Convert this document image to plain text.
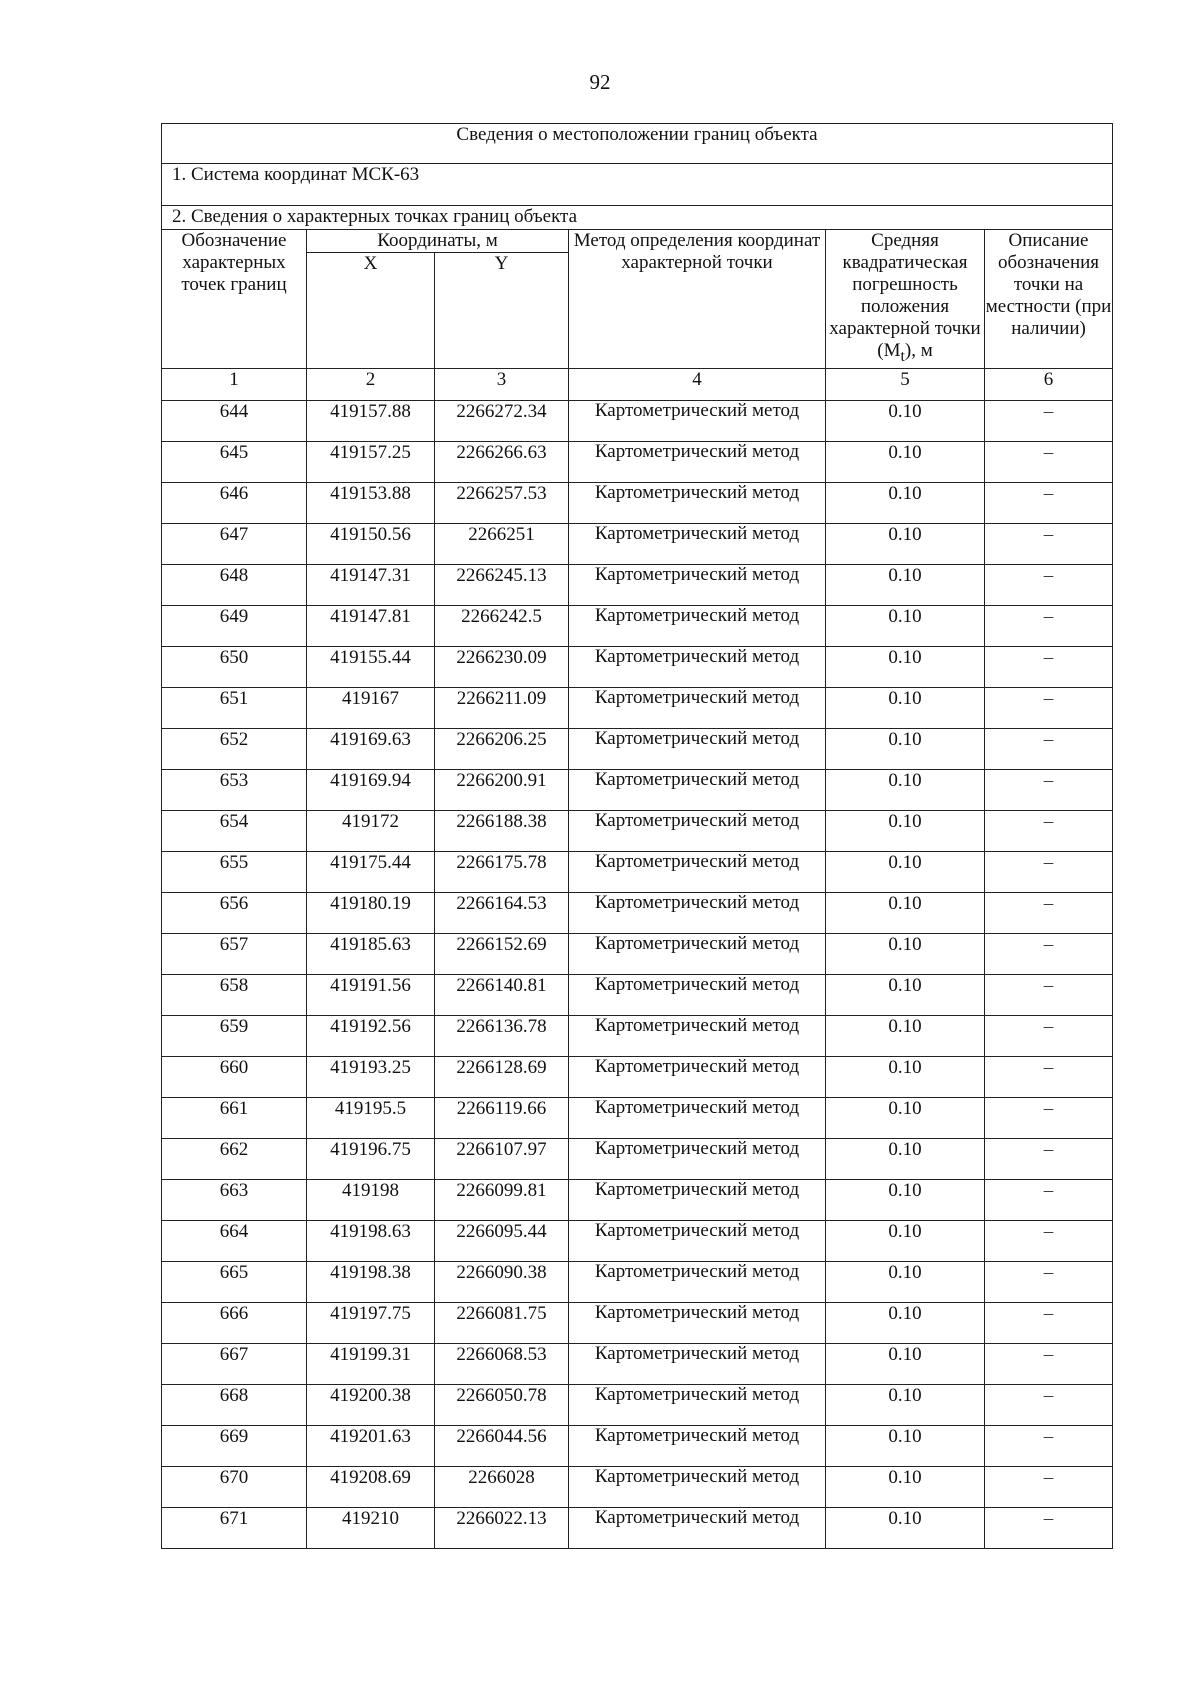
92
Сведения о местоположении границ объекта					
1. Система координат МСК-63					
2. Сведения о характерных точках границ объекта					
Обозначение характерных точек границ	Координаты, м		Метод определения координат характерной точки	Средняя квадратическая погрешность положения характерной точки $(M_t)$, м	Описание обозначения точки на местности (при наличии)
	X	Y			
1	2	3	4	5	6
644	419157.88	2266272.34	Картометрический метод	0.10	–
645	419157.25	2266266.63	Картометрический метод	0.10	–
646	419153.88	2266257.53	Картометрический метод	0.10	–
647	419150.56	2266251	Картометрический метод	0.10	–
648	419147.31	2266245.13	Картометрический метод	0.10	–
649	419147.81	2266242.5	Картометрический метод	0.10	–
650	419155.44	2266230.09	Картометрический метод	0.10	–
651	419167	2266211.09	Картометрический метод	0.10	–
652	419169.63	2266206.25	Картометрический метод	0.10	–
653	419169.94	2266200.91	Картометрический метод	0.10	–
654	419172	2266188.38	Картометрический метод	0.10	–
655	419175.44	2266175.78	Картометрический метод	0.10	–
656	419180.19	2266164.53	Картометрический метод	0.10	–
657	419185.63	2266152.69	Картометрический метод	0.10	–
658	419191.56	2266140.81	Картометрический метод	0.10	–
659	419192.56	2266136.78	Картометрический метод	0.10	–
660	419193.25	2266128.69	Картометрический метод	0.10	–
661	419195.5	2266119.66	Картометрический метод	0.10	–
662	419196.75	2266107.97	Картометрический метод	0.10	–
663	419198	2266099.81	Картометрический метод	0.10	–
664	419198.63	2266095.44	Картометрический метод	0.10	–
665	419198.38	2266090.38	Картометрический метод	0.10	–
666	419197.75	2266081.75	Картометрический метод	0.10	–
667	419199.31	2266068.53	Картометрический метод	0.10	–
668	419200.38	2266050.78	Картометрический метод	0.10	–
669	419201.63	2266044.56	Картометрический метод	0.10	–
670	419208.69	2266028	Картометрический метод	0.10	–
671	419210	2266022.13	Картометрический метод	0.10	–
